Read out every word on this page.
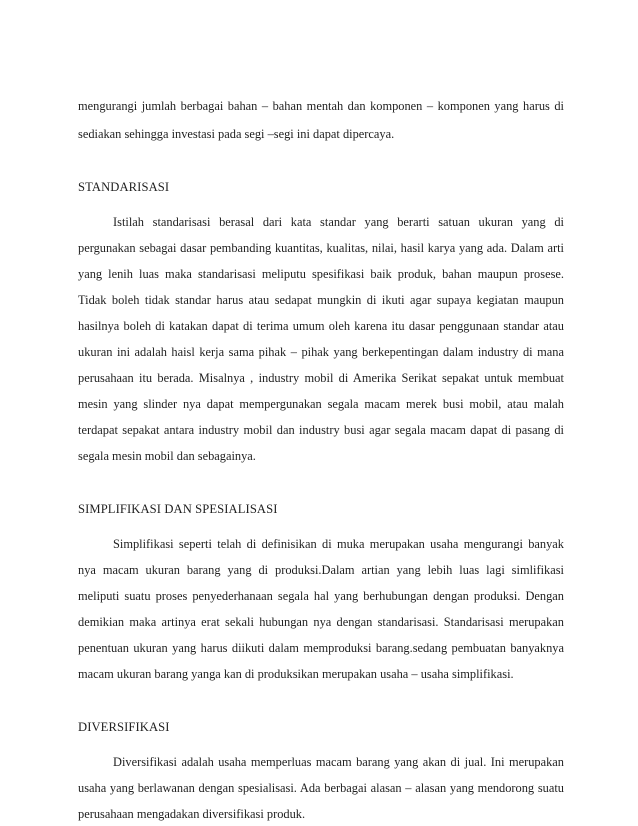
mengurangi jumlah berbagai bahan – bahan mentah dan komponen – komponen yang harus di
sediakan sehingga investasi pada segi –segi ini dapat dipercaya.
STANDARISASI
Istilah standarisasi berasal dari kata standar yang berarti satuan ukuran yang di
pergunakan sebagai dasar pembanding kuantitas, kualitas, nilai, hasil karya yang ada. Dalam arti
yang lenih luas maka standarisasi meliputu spesifikasi baik produk, bahan maupun prosese.
Tidak boleh tidak standar harus atau sedapat mungkin di ikuti agar supaya kegiatan maupun
hasilnya boleh di katakan dapat di terima umum oleh karena itu dasar penggunaan standar atau
ukuran ini adalah haisl kerja sama pihak – pihak yang berkepentingan dalam industry di mana
perusahaan itu berada. Misalnya , industry mobil di Amerika Serikat sepakat untuk membuat
mesin yang slinder nya dapat mempergunakan segala macam merek busi mobil, atau malah
terdapat sepakat antara industry mobil dan industry busi agar segala macam dapat di pasang di
segala mesin mobil dan sebagainya.
SIMPLIFIKASI DAN SPESIALISASI
Simplifikasi seperti telah di definisikan di muka merupakan usaha mengurangi banyak
nya macam ukuran barang yang di produksi.Dalam artian yang lebih luas lagi simlifikasi
meliputi suatu proses penyederhanaan segala hal yang berhubungan dengan produksi. Dengan
demikian maka artinya erat sekali hubungan nya dengan standarisasi. Standarisasi merupakan
penentuan ukuran yang harus diikuti dalam memproduksi barang.sedang pembuatan banyaknya
macam ukuran barang yanga kan di produksikan merupakan usaha – usaha simplifikasi.
DIVERSIFIKASI
Diversifikasi adalah usaha memperluas macam barang yang akan di jual. Ini merupakan
usaha yang berlawanan dengan spesialisasi. Ada berbagai alasan – alasan yang mendorong suatu
perusahaan mengadakan diversifikasi produk.
